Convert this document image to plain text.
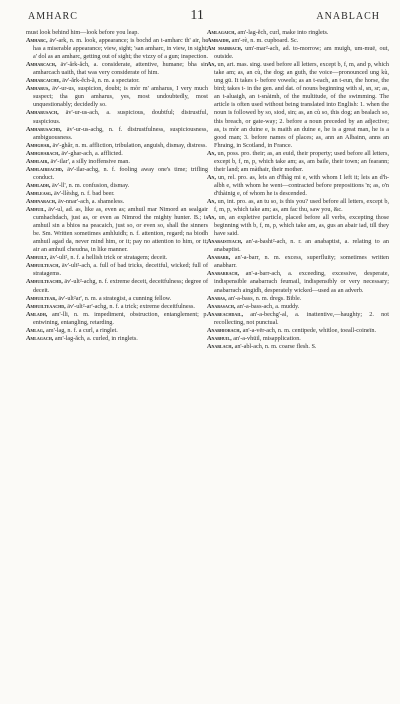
AMHARC	11	ANABLACH

must look behind him—look before you leap.

Amharc, āv'-ark, n. m. look, appearance; is bochd an t-amharc th' air, he has a miserable appearance; view, sight; 'san amharc, in view, in sight; a' dol as an amharc, getting out of sight; the vizzy of a gun; inspection.

Amharcach, āv'-ărk-ăch, a. considerate, attentive, humane; bha sin amharcach uaith, that was very considerate of him.

Amharcaiche, āv'-ărk-ĕch-ă, n. m. a spectator.

Amharus, āv'-ur-us, suspicion, doubt; is mòr m' amharus, I very much suspect; tha gun amharus, yes, most undoubtedly, most unquestionably; decidedly so.

Amharusach, āv'-ur-us-ach, a. suspicious, doubtful; distrustful, suspicious.

Amharusachd, āv'-ur-us-achg, n. f. distrustfulness, suspiciousness, ambiguousness.

Amhghar, āv'-ghăr, n. m. affliction, tribulation, anguish, dismay, distress.

Amhgharach, āv'-ghar-ach, a. afflicted.

Amhlair, āv'-ilar', a silly inoffensive man.

Amhlaireachd, āv'-ilar-achg, n. f. fooling away one's time; trifling conduct.

Amhladh, āv'-ll', n. m. confusion, dismay.

Amhleasg, āv'-llèshg, n. f. bad beer.

Amhnarach, āv-nnar'-ach, a. shameless.

Amhuil, āv'-ul, ad. as, like as, even as; amhuil mar Nimord an sealgair cumhachdach, just as, or even as Nimrod the mighty hunter. B.; is amhuil sin a bhios na peacaich, just so, or even so, shall the sinners be. Sm. Written sometimes amhluidh; n. f. attention, regard; na biodh amhuil agad da, never mind him, or it; pay no attention to him, or it; air an amhuil cheudna, in like manner.

Amhuilt, āv'-ult², n. f. a hellish trick or stratagem; deceit.

Amhuilteach, āv'-ult²-ach, a. full of bad tricks, deceitful, wicked; full of stratagems.

Amhuilteachd, āv'-ult²-achg, n. f. extreme deceit, deceitfulness; degree of deceit.

Amhuiltear, āv'-ult²ar', n. m. a strategist, a cunning fellow.

Amhuilteaachd, āv'-ult²-ar'-achg, n. f. a trick; extreme deceitfulness.

Amladh, am'-lli, n. m. impediment, obstruction, entanglement; p. entwining, entangling, retarding.

Amlag, am'-lag, n. f. a curl, a ringlet.

Amlagach, am'-lag-ăch, a. curled, in ringlets.

Amlagaich, am'-lag-ĕch, curl, make into ringlets.

Amraidh, am'-rè, n. m. cupboard. Sc.

Am mairbach, um'-mar²-ach, ad. to-morrow; am muigh, um-muē, out, outside.

An, un, art. mas. sing. used before all letters, except b, f, m, and p, which take am; as, an cù, the dog; an guth, the voice—pronounced ung kù, ung gū. It takes t- before vowels; as an t-each, an t-eun, the horse, the bird; takes t- in the gen. and dat. of nouns beginning with sl, sn, sr; as, an t-aluaigh, an t-snàimh, of the multitude, of the swimming. The article is often used without being translated into English: 1. when the noun is followed by so, siod, sin; as, an cù so, this dog; an bealach so, this breach, or gate-way; 2. before a noun preceded by an adjective; as, is mòr an duine e, is maith an duine e, he is a great man, he is a good man; 3. before names of places; as, ann an Albainn, anns an Fhraing, in Scotland, in France.

An, un, poss. pro. their; as, an euid, their property; used before all letters, except b, f, m, p, which take am; as, am baile, their town; an fearann; their land; am màthair, their mother.

An, un, rel. pro. as, leis an d'fhàg mi e, with whom I left it; leis an d'h-albh e, with whom he went—contracted before prepositions 'n; as, o'n d'thàinig e, of whom he is descended.

An, un, int. pro. as, an tu so, is this you? used before all letters, except b, f, m, p, which take am; as, am fac thu, saw you, &c.

An, un, an expletive particle, placed before all verbs, excepting those beginning with b, f, m, p, which take am, as, gus an abair iad, till they have said.

Anabaisteach, an'-a-basht²-ach, n. r. an anabaptist, a. relating to an anabaptist.

Anabarr, an'-a-barr, n. m. excess, superfluity; sometimes written anabharr.

Anabarrach, an'-a-barr-ach, a. exceeding, excessive, desperate, indispensible anabarrach feumail, indispensibly or very necessary; anabarrach aingidh, desperately wicked—used as an adverb.

Anabas, an'-a-bass, n. m. dregs. Bible.

Anabasach, an'-a-bass-ach, a. muddy.

Anabeachdail, an'-a-bechg'-al, a. inattentive,—haughty; 2. not recollecting, not punctual.

Anabhiorach, an'-a-vēr-ach, n. m. centipede, whitloe, toeall-coineïn.

Anabhuil, an'-a-vhūil, misapplication.

Anablach, an'-abl-ach, n. m. coarse flesh. S.
